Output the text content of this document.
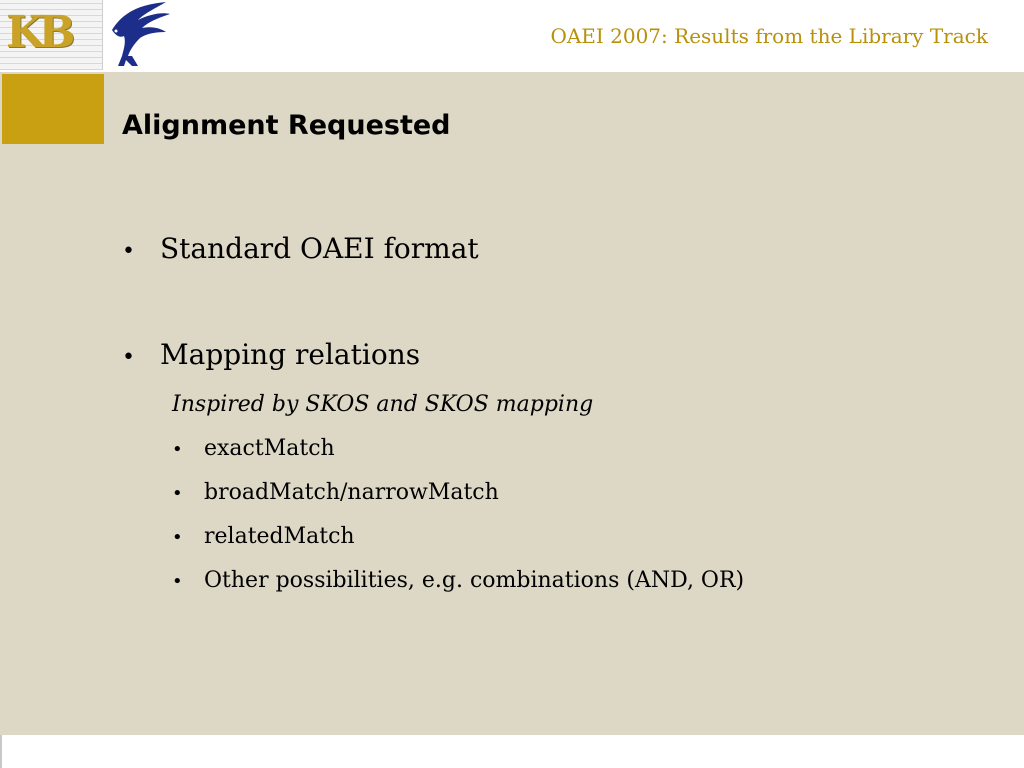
KB	OAEI 2007: Results from the Library Track
Alignment Requested
• Standard OAEI format
• Mapping relations
Inspired by SKOS and SKOS mapping
• exactMatch
• broadMatch/narrowMatch
• relatedMatch
• Other possibilities, e.g. combinations (AND, OR)
